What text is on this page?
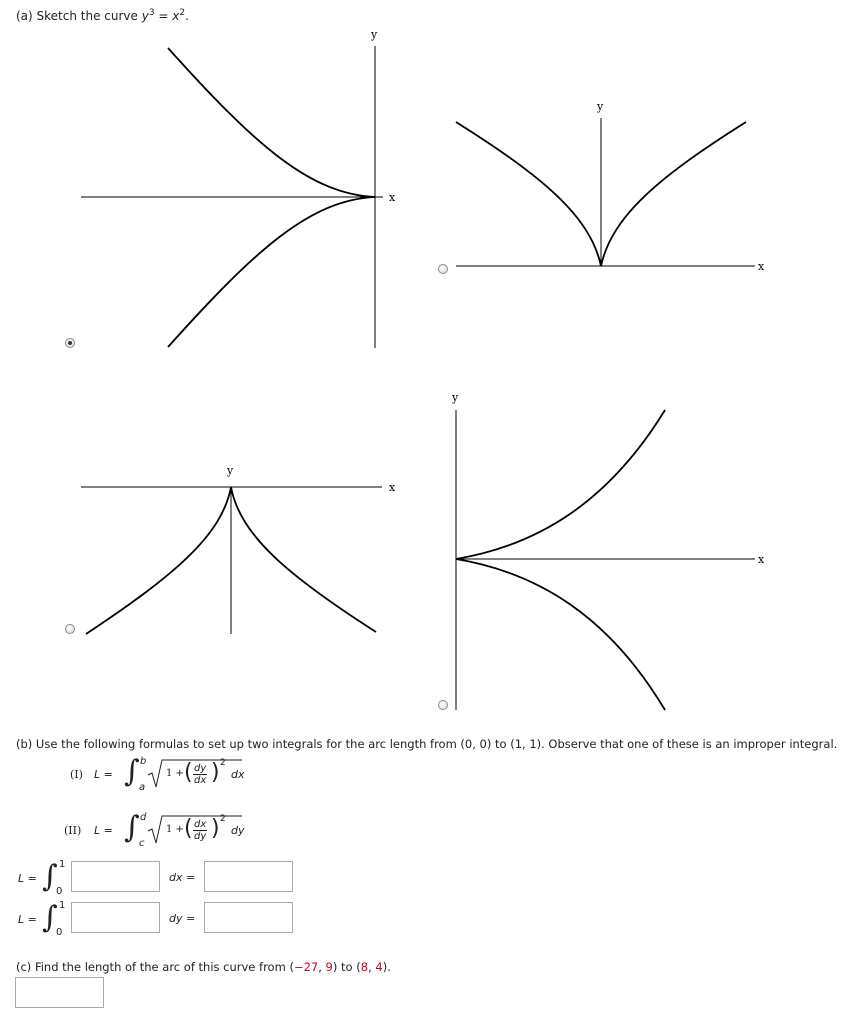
(a) Sketch the curve $y^3 = x^2$.
y
x
y
x
y
x
y
x
(b) Use the following formulas to set up two integrals for the arc length from (0, 0) to (1, 1). Observe that one of these is an improper integral.
(I) L = ∫ b
a
1 + ( $\frac{dy}{dx}$ ) 2
dx
(II) L = ∫ d
c
1 + ( $\frac{dx}{dy}$ ) 2
dy
L = ∫ 1
0
dx =
L = ∫ 1
0
dy =
(c) Find the length of the arc of this curve from (−27, 9) to (8, 4).
